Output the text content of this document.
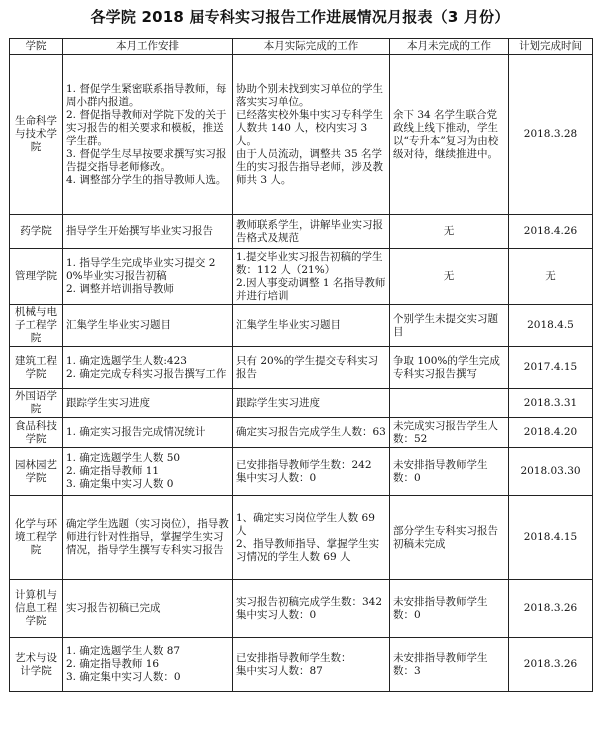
各学院 2018 届专科实习报告工作进展情况月报表（3 月份）
学院	本月工作安排	本月实际完成的工作	本月未完成的工作	计划完成时间
生命科学与技术学院	1. 督促学生紧密联系指导教师，每周小群内报道。
2. 督促指导教师对学院下发的关于实习报告的相关要求和模板，推送学生群。
3. 督促学生尽早按要求撰写实习报告提交指导老师修改。
4. 调整部分学生的指导教师人选。	协助个别未找到实习单位的学生落实实习单位。
已经落实校外集中实习专科学生人数共 140 人，校内实习 3 人。
由于人员流动，调整共 35 名学生的实习报告指导老师，涉及教师共 3 人。	余下 34 名学生联合党政线上线下推动，学生以“专升本”复习为由校级对待，继续推进中。	2018.3.28
药学院	指导学生开始撰写毕业实习报告	教师联系学生，讲解毕业实习报告格式及规范	无	2018.4.26
管理学院	1. 指导学生完成毕业实习提交 20%毕业实习报告初稿
2. 调整并培训指导教师	1.提交毕业实习报告初稿的学生数：112 人（21%）
2.因人事变动调整 1 名指导教师并进行培训	无	无
机械与电子工程学院	汇集学生毕业实习题目	汇集学生毕业实习题目	个别学生未提交实习题目	2018.4.5
建筑工程学院	1. 确定选题学生人数:423
2. 确定完成专科实习报告撰写工作	只有 20%的学生提交专科实习报告	争取 100%的学生完成专科实习报告撰写	2017.4.15
外国语学院	跟踪学生实习进度	跟踪学生实习进度		2018.3.31
食品科技学院	1. 确定实习报告完成情况统计	确定实习报告完成学生人数：63	未完成实习报告学生人数：52	2018.4.20
园林园艺学院	1. 确定选题学生人数 50
2. 确定指导教师 11
3. 确定集中实习人数 0	已安排指导教师学生数：242
集中实习人数：0	未安排指导教师学生数：0	2018.03.30
化学与环境工程学院	确定学生选题（实习岗位），指导教师进行针对性指导，掌握学生实习情况，指导学生撰写专科实习报告	1、确定实习岗位学生人数 69 人
2、指导教师指导、掌握学生实习情况的学生人数 69 人	部分学生专科实习报告初稿未完成	2018.4.15
计算机与信息工程学院	实习报告初稿已完成	实习报告初稿完成学生数：342
集中实习人数：0	未安排指导教师学生数：0	2018.3.26
艺术与设计学院	1. 确定选题学生人数 87
2. 确定指导教师 16
3. 确定集中实习人数：0	已安排指导教师学生数：
集中实习人数：87	未安排指导教师学生数：3	2018.3.26
